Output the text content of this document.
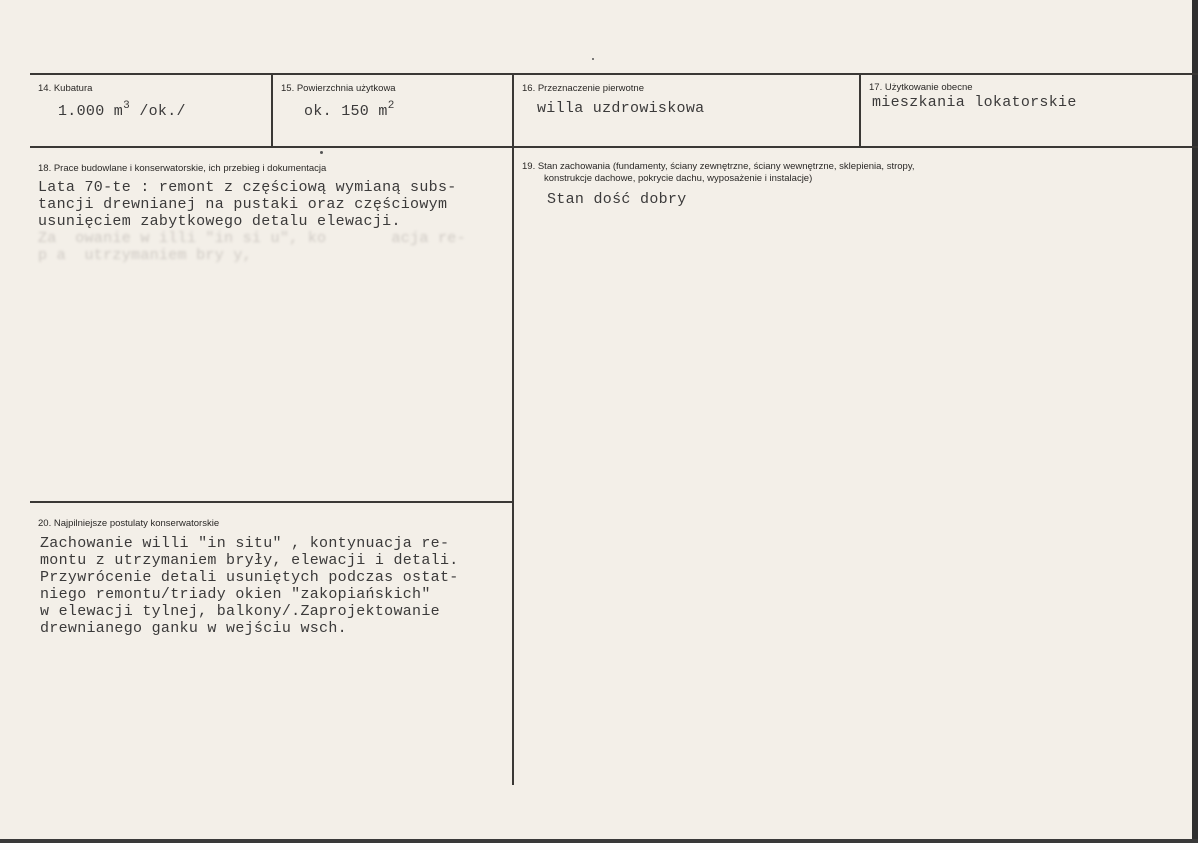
14. Kubatura
1.000 $m^3$ /ok./
15. Powierzchnia użytkowa
ok. 150 $m^2$
16. Przeznaczenie pierwotne
willa uzdrowiskowa
17. Użytkowanie obecne
mieszkania lokatorskie
18. Prace budowlane i konserwatorskie, ich przebieg i dokumentacja
Lata 70-te : remont z częściową wymianą subs-
tancji drewnianej na pustaki oraz częściowym
usunięciem zabytkowego detalu elewacji.
Za  owanie w illi "in si u", ko       acja re-
p a  utrzymaniem bry y,
19. Stan zachowania (fundamenty, ściany zewnętrzne, ściany wewnętrzne, sklepienia, stropy,
konstrukcje dachowe, pokrycie dachu, wyposażenie i instalacje)
Stan dość dobry
20. Najpilniejsze postulaty konserwatorskie
Zachowanie willi "in situ" , kontynuacja re-
montu z utrzymaniem bryły, elewacji i detali.
Przywrócenie detali usuniętych podczas ostat-
niego remontu/triady okien "zakopiańskich"
w elewacji tylnej, balkony/.Zaprojektowanie
drewnianego ganku w wejściu wsch.
